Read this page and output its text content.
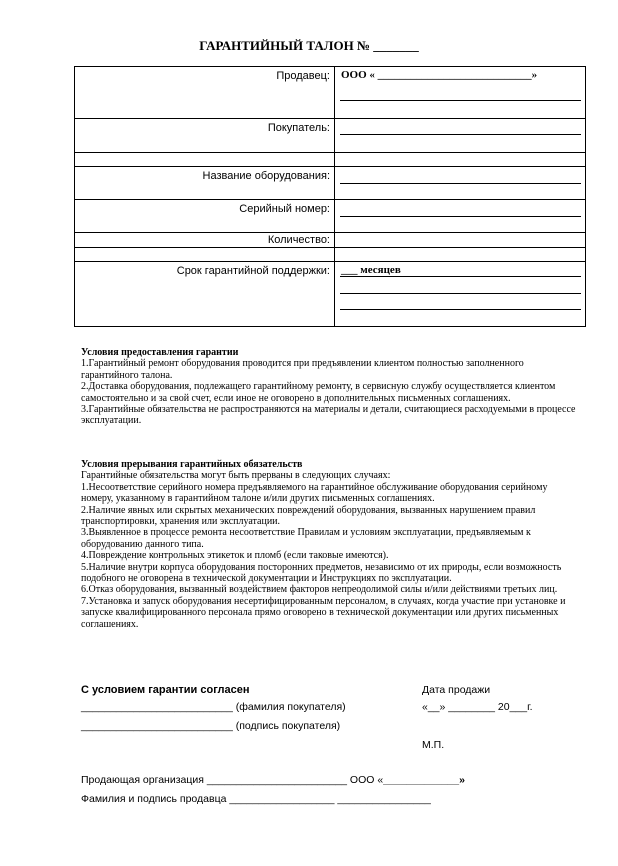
ГАРАНТИЙНЫЙ ТАЛОН № _______
Продавец:	ООО « ____________________________»

Покупатель:	

Название оборудования:	

Серийный номер:	

Количество:	

Срок гарантийной поддержки:	___ месяцев
Условия предоставления гарантии

1.Гарантийный ремонт оборудования проводится при предъявлении клиентом полностью заполненного гарантийного талона.

2.Доставка оборудования, подлежащего гарантийному ремонту, в сервисную службу осуществляется клиентом самостоятельно и за свой счет, если иное не оговорено в дополнительных письменных соглашениях.

3.Гарантийные обязательства не распространяются на материалы и детали, считающиеся расходуемыми в процессе эксплуатации.

Условия прерывания гарантийных обязательств

Гарантийные обязательства могут быть прерваны в следующих случаях:

1.Несоответствие серийного номера предъявляемого на гарантийное обслуживание оборудования серийному номеру, указанному в гарантийном талоне и/или других письменных соглашениях.

2.Наличие явных или скрытых механических повреждений оборудования, вызванных нарушением правил транспортировки, хранения или эксплуатации.

3.Выявленное в процессе ремонта несоответствие Правилам и условиям эксплуатации, предъявляемым к оборудованию данного типа.

4.Повреждение контрольных этикеток и пломб (если таковые имеются).

5.Наличие внутри корпуса оборудования посторонних предметов, независимо от их природы, если возможность подобного не оговорена в технической документации и Инструкциях по эксплуатации.

6.Отказ оборудования, вызванный воздействием факторов непреодолимой силы и/или действиями третьих лиц.

7.Установка и запуск оборудования несертифицированным персоналом, в случаях, когда участие при установке и запуске квалифицированного персонала прямо оговорено в технической документации или других письменных соглашениях.

С условием гарантии согласен
__________________________ (фамилия покупателя)
__________________________ (подпись покупателя)
Дата продажи
«__» ________ 20___г.
М.П.
Продающая организация ________________________ ООО «_____________»
Фамилия и подпись продавца __________________ ________________
